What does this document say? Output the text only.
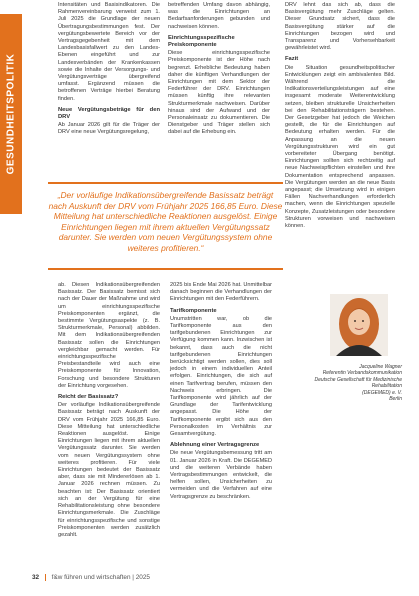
GESUNDHEITSPOLITIK

Intensitäten und Basisindikatoren. Die Rahmenvereinbarung verweist zum 1. Juli 2025 die Grundlage der neuen Übertragungsbestimmungen fest. Der vergütungsbewertete Bereich vor der Vertragsgegebenheit mit dem Landesbasisfallwert zu den Landes-Ebenen eingeführt und zur Landesverbänden der Krankenkassen sowie die Inhalte der Versorgungs- und Vergütungsverträge übergreifend umfasst. Ergänzend müssen die betroffenen Verträge hierbei Beratung finden.

Neue Vergütungsbeträge für den DRV

Ab Januar 2026 gilt für die Träger der DRV eine neue Vergütungsregelung,

betreffenden Umfang davon abhängig, was die Einrichtungen an Bedarfsanforderungen gebunden und nachweisen können.

Einrichtungsspezifische Preiskomponente

Diese einrichtungsspezifische Preiskomponente ist der Höhe nach begrenzt. Erhebliche Bedeutung haben daher die künftigen Verhandlungen der Einrichtungen mit dem Sektor der Federführer der DRV. Einrichtungen müssen künftig ihre relevanten Strukturmerkmale nachweisen. Darüber hinaus sind der Aufwand und der Personaleinsatz zu dokumentieren. Die Dienstgeber und Träger stellen sich dabei auf die Erhebung ein.

DRV lehnt das sich ab, dass die Basisvergütung mehr Zuschläge gelten. Dieser Grundsatz sichert, dass die Basisvergütung stärker auf die Einrichtungen bezogen wird und Transparenz und Vorhersehbarkeit gewährleistet wird.

Fazit

Die Situation gesundheitspolitischer Entwicklungen zeigt ein ambivalentes Bild. Während die Indikationsverteilungsleistungen auf eine insgesamt moderate Weiterentwicklung setzen, bleiben strukturelle Unsicherheiten bei den Rehabilitationsträgern bestehen. Der Gesetzgeber hat jedoch die Weichen gestellt, die für die Einrichtungen auf Bedeutung erhalten werden. Für die Anpassung an die neuen Vergütungsstrukturen wird ein gut vorbereiteter Übergang benötigt. Einrichtungen sollten sich rechtzeitig auf neue Nachweispflichten einstellen und ihre Dokumentation entsprechend anpassen. Die Vergütungen werden an die neue Basis angepasst; die Umsetzung wird in einigen Fällen Nachverhandlungen erforderlich machen, wenn die Einrichtungen spezielle Konzepte, Zusatzleistungen oder besondere Strukturen vorweisen und nachweisen können.

„Der vorläufige Indikationsübergreifende Basissatz beträgt nach Auskunft der DRV vom Frühjahr 2025 166,85 Euro. Diese Mitteilung hat unterschiedliche Reaktionen ausgelöst. Einige Einrichtungen liegen mit ihrem aktuellen Vergütungssatz darunter. Sie werden vom neuen Vergütungssystem ohne weiteres profitieren.“

ab. Diesen Indikationsübergreifenden Basissatz. Der Basissatz bemisst sich nach der Dauer der Maßnahme und wird um einrichtungsspezifische Preiskomponenten ergänzt, die bestimmte Vergütungsaspekte (z. B. Strukturmerkmale, Personal) abbilden. Mit dem Indikationsübergreifenden Basissatz sollen die Einrichtungen vergleichbar gemacht werden. Für einrichtungsspezifische Preisbestandteile wird auch eine Preiskomponente für Innovation, Forschung und besondere Strukturen der Einrichtung vorgesehen.

Reicht der Basissatz?

Der vorläufige Indikationsübergreifende Basissatz beträgt nach Auskunft der DRV vom Frühjahr 2025 166,85 Euro. Diese Mitteilung hat unterschiedliche Reaktionen ausgelöst. Einige Einrichtungen liegen mit ihrem aktuellen Vergütungssatz darunter. Sie werden vom neuen Vergütungssystem ohne weiteres profitieren. Für viele Einrichtungen bedeutet der Basissatz aber, dass sie mit Mindererlösen ab 1. Januar 2026 rechnen müssen. Zu beachten ist: Der Basissatz orientiert sich an der Vergütung für eine Rehabilitationsleistung ohne besondere Einrichtungsmerkmale. Die Zuschläge für einrichtungsspezifische und sonstige Preiskomponenten werden zusätzlich gezahlt.

2025 bis Ende Mai 2026 hat. Unmittelbar danach beginnen die Verhandlungen der Einrichtungen mit den Federführern.

Tarifkomponente

Unumstritten war, ob die Tarifkomponente aus den tarifgebundenen Einrichtungen zur Verfügung kommen kann. Inzwischen ist bekannt, dass auch die nicht tarifgebundenen Einrichtungen berücksichtigt werden sollen, dies soll jedoch in einem individuellen Anteil erfolgen. Einrichtungen, die sich auf einen Tarifvertrag berufen, müssen den Nachweis erbringen. Die Tarifkomponente wird jährlich auf der Grundlage der Tarifentwicklung angepasst. Die Höhe der Tarifkomponente ergibt sich aus den Personalkosten im Verhältnis zur Gesamtvergütung.

Ablehnung einer Vertragsgrenze

Die neue Vergütungsbemessung tritt am 01. Januar 2026 in Kraft. Die DEGEMED und die weiteren Verbände haben Vertragsbestimmungen entwickelt, die helfen sollen, Unsicherheiten zu vermeiden und die Verfahren auf eine Vertragsgrenze zu beschränken.

Jacqueline Wagner
Referentin Verbandskommunikation
Deutsche Gesellschaft für Medizinische Rehabilitation
(DEGEMED) e. V.
Berlin
32 f&w führen und wirtschaften | 2025
